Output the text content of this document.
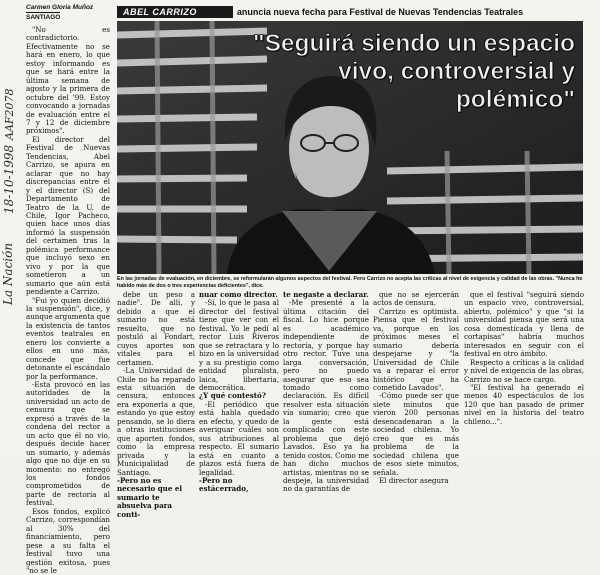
Carmen Gloria Muñoz
SANTIAGO
ABEL CARRIZO	anuncia nueva fecha para Festival de Nuevas Tendencias Teatrales
18-10-1998
La Nación
AAF2078

"No es contradictorio. Efectivamente no se hará en enero, lo que estoy informando es que se hará entre la última semana de agosto y la primera de octubre del '99. Estoy convocando a jornadas de evaluación entre el 7 y 12 de diciembre próximos".

El director del Festival de Nuevas Tendencias, Abel Carrizo, se apura en aclarar que no hay discrepancias entre él y el director (S) del Departamento de Teatro de la U. de Chile, Igor Pacheco, quien hace unos días informó la suspensión del certamen tras la polémica performance que incluyó sexo en vivo y por la que sometieron a un sumario que aún está pendiente a Carrizo.

"Fui yo quien decidió la suspensión", dice, y aunque argumenta que la existencia de tantos eventos teatrales en enero los convierte a ellos en uno más, concede que fue detonante el escándalo por la performance.

-Esta provocó en las autoridades de la universidad un acto de censura que se expresó a través de la condena del rector a un acto que él no vio, después decide hacer un sumario, y además algo que no dije en su momento: no entregó los fondos comprometidos de parte de rectoría al festival.

Esos fondos, explicó Carrizo, correspondían al 30% del financiamiento, pero pese a su falta el festival tuvo una gestión exitosa, pues "no se le

"Seguirá siendo un espacio vivo, controversial y polémico"
En las jornadas de evaluación, en diciembre, se reformularán algunos aspectos del festival. Pero Carrizo no acepta las críticas al nivel de exigencia y calidad de las obras. "Nunca he habido más de dos o tres experiencias deficientes", dice.

debe un peso a nadie". De allí, y debido a que el sumario no está resuelto, que no postuló al Fondart, cuyos aportes son vitales para el certamen.

-La Universidad de Chile no ha reparado esta situación de censura, entonces era exponerla a que, estando yo que estoy pensando, se lo diera a otras instituciones que aporten fondos, como la empresa privada y la Municipalidad de Santiago.

-Pero no es necesario que el sumario te absuelva para conti-

nuar como director.

-Sí, lo que le pasa al director del festival tiene que ver con el festival. Yo le pedí al rector Luis Riveros que se retractara y lo hizo en la universidad y a su prestigio como entidad pluralista, laica, libertaria, democrática.

¿Y qué contestó?

-El periódico que está habla quedado en efecto, y quedo de averiguar cuáles son sus atribuciones al respecto. El sumario está en cuanto a plazos está fuera de legalidad.

-Pero no estácerrado,

te negaste a declarar.

-Me presenté a la última citación del fiscal. Lo hice porque es académico independiente de rectoría, y porque hay otro rector. Tuve una larga conversación, pero no puedo asegurar que eso sea tomado como declaración. Es difícil resolver esta situación vía sumario; creo que la gente está complicada con este problema que dejó Lavados. Eso ya ha tenido costos. Como me han dicho muchos artistas, mientras no se despeje, la universidad no da garantías de

que no se ejercerán actos de censura.

Carrizo es optimista. Piensa que el festival va, porque en los próximos meses el sumario debería despejarse y "la Universidad de Chile va a reparar el error histórico que ha cometido Lavados".

-Cómo puede ser que siete minutos que vieron 200 personas desencadenaran a la sociedad chilena. Yo creo que es más problema de la sociedad chilena que de esos siete minutos, señala.

El director asegura

que el festival "seguirá siendo un espacio vivo, controversial, abierto, polémico" y que "si la universidad piensa que será una cosa domesticada y llena de cortapisas" habría muchos interesados en seguir con el festival en otro ámbito.

Respecto a críticas a la calidad y nivel de exigencia de las obras, Carrizo no se hace cargo.

"El festival ha generado el menos 40 espectáculos de los 120 que han pasado de primer nivel en la historia del teatro chileno...".
